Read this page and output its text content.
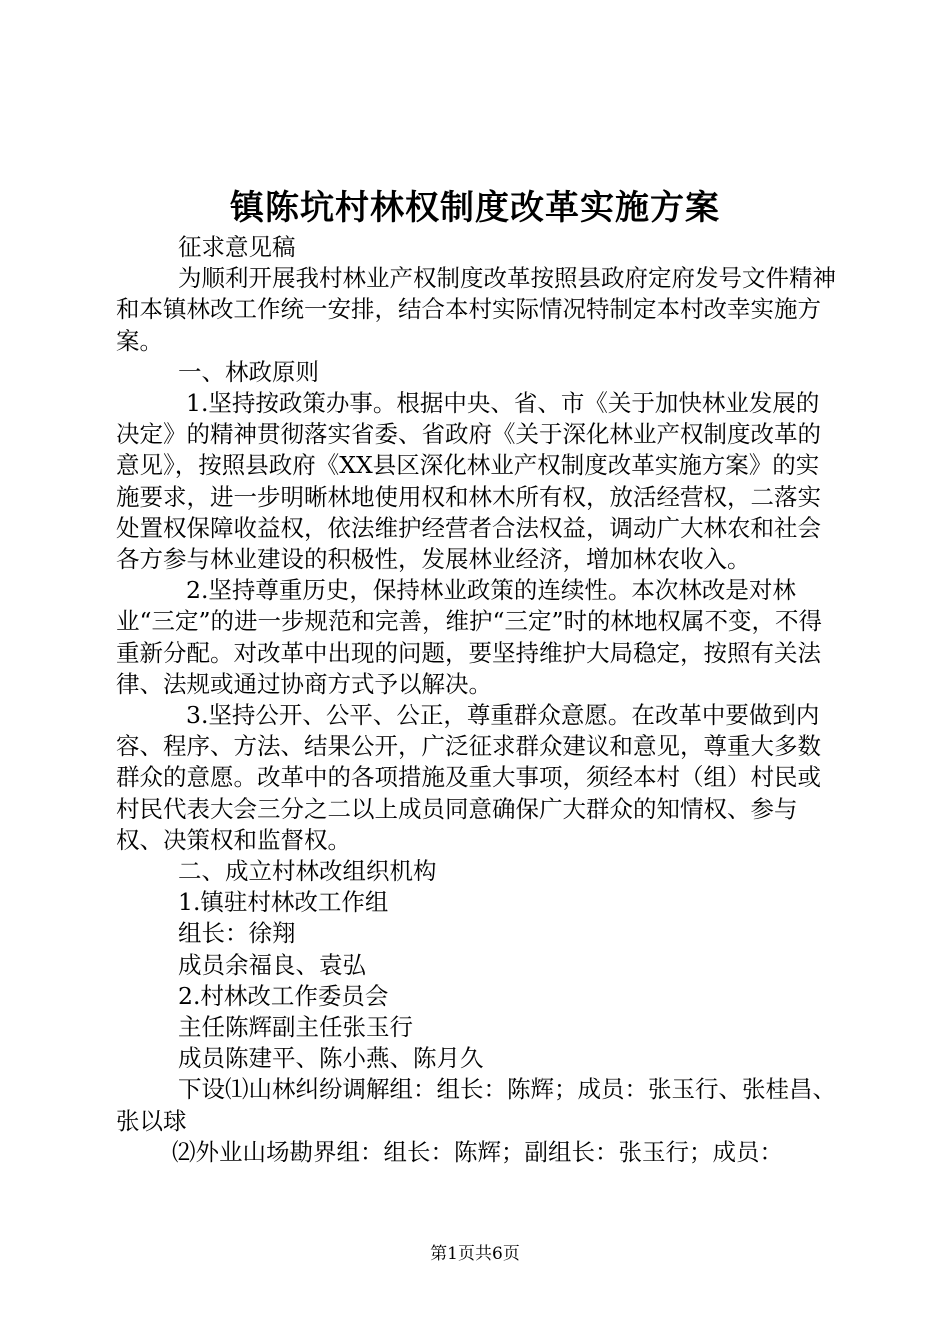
镇陈坑村林权制度改革实施方案

征求意见稿

为顺利开展我村林业产权制度改革按照县政府定府发号文件精神和本镇林改工作统一安排，结合本村实际情况特制定本村改幸实施方案。

一、林政原则

1.坚持按政策办事。根据中央、省、市《关于加快林业发展的决定》的精神贯彻落实省委、省政府《关于深化林业产权制度改革的意见》，按照县政府《XX县区深化林业产权制度改革实施方案》的实施要求，进一步明晰林地使用权和林木所有权，放活经营权，二落实处置权保障收益权，依法维护经营者合法权益，调动广大林农和社会各方参与林业建设的积极性，发展林业经济，增加林农收入。

2.坚持尊重历史，保持林业政策的连续性。本次林改是对林业“三定”的进一步规范和完善，维护“三定”时的林地权属不变，不得重新分配。对改革中出现的问题，要坚持维护大局稳定，按照有关法律、法规或通过协商方式予以解决。

3.坚持公开、公平、公正，尊重群众意愿。在改革中要做到内容、程序、方法、结果公开，广泛征求群众建议和意见，尊重大多数群众的意愿。改革中的各项措施及重大事项，须经本村（组）村民或村民代表大会三分之二以上成员同意确保广大群众的知情权、参与权、决策权和监督权。

二、成立村林改组织机构

1.镇驻村林改工作组

组长：徐翔

成员余福良、袁弘

2.村林改工作委员会

主任陈辉副主任张玉行

成员陈建平、陈小燕、陈月久

下设⑴山林纠纷调解组：组长：陈辉；成员：张玉行、张桂昌、张以球

⑵外业山场勘界组：组长：陈辉；副组长：张玉行；成员：

第1页共6页
